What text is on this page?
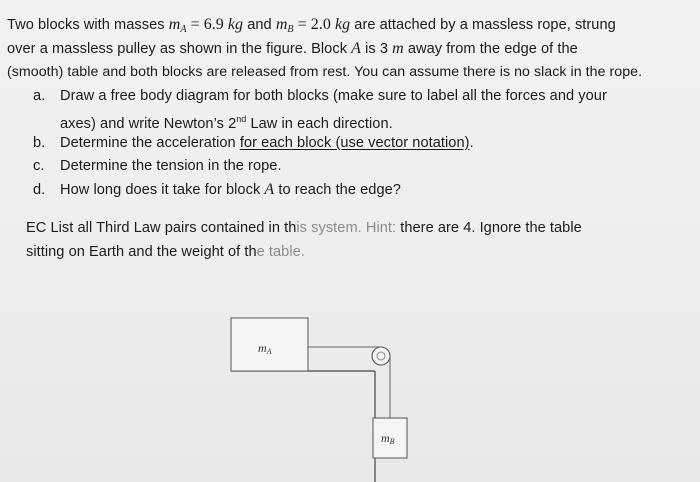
Two blocks with masses $m_A = 6.9$ kg and $m_B = 2.0$ kg are attached by a massless rope, strung
over a massless pulley as shown in the figure. Block A is 3 m away from the edge of the
(smooth) table and both blocks are released from rest. You can assume there is no slack in the rope.
a. Draw a free body diagram for both blocks (make sure to label all the forces and your
axes) and write Newton’s 2nd Law in each direction.
b. Determine the acceleration for each block (use vector notation).
c. Determine the tension in the rope.
d. How long does it take for block A to reach the edge?
EC List all Third Law pairs contained in this system. Hint: there are 4. Ignore the table
sitting on Earth and the weight of the table.
mA
mB
